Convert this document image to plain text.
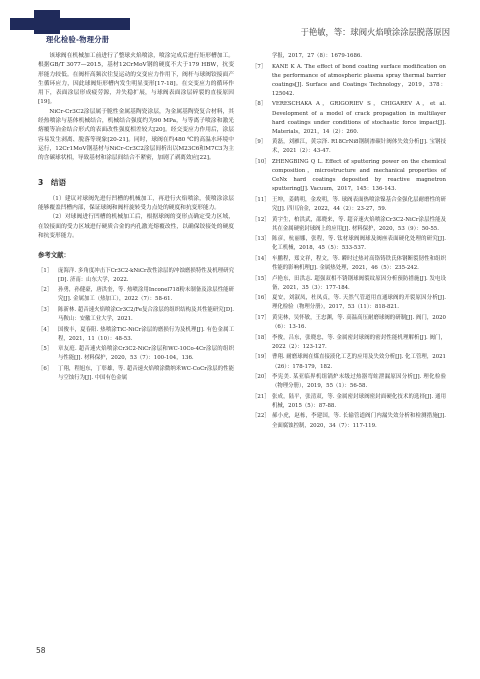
理化检验-物理分册
于艳敏，等：球阀火焰喷涂涂层脱落原因

该球阀在机械加工前进行了整球火焰喷涂，喷涂完成后进行矩形槽加工。根据GB/T 3077—2015，基材12CrMoV钢的硬度不大于179 HBW，抗变形能力较低。在阀杆高频次往复运动的交变应力作用下，阀杆与球阀铰接面产生循环应力，因此球阀矩形槽内发生明显变形[17-18]。在交变应力的循环作用下，表面涂层形成疲劳源，并失稳扩展，与球阀表面涂层碎裂的直接原因[19]。

NiCr-Cr3C2涂层属于脆性金属基陶瓷涂层，为金属基陶瓷复合材料，其经热喷涂与基体机械结合，机械结合强度约为90 MPa，与等离子喷涂和激光熔覆等冶金结合形式的表面改性强度相差较大[20]。经交变应力作用后，涂层容易发生剥离、脱落等现象[20-21]。同时，球阀在约480 ℃的高温水环境中运行，12Cr1MoV钢基材与NiCr-Cr3C2涂层间析出以M23C6和M7C3为主的含碳球状相，导致基材和涂层间结合不紧密，加剧了剥离效应[22]。

3　结语

（1）建议对球阀先进行凹槽的机械加工，再进行火焰喷涂，使喷涂涂层能够覆盖凹槽内部，保证球阀和阀杆旋转受力点处的硬度和抗变形能力。

（2）对球阀进行凹槽的机械加工后，根据球阀的变形点确定受力区域，在铰接面的受力区域进行硬质合金的内孔激光熔覆改性，以确保铰接处的硬度和抗变形能力。

参考文献：
［1］	庞海洋. 多角度冲击下Cr3C2-kNiCr改性涂层的冲蚀磨损特性及机理研究[D]. 济南：山东大学，2022.
［2］	孙勇，孙健豪，唐洪奎，等. 热喷涂用Inconel718粉末制备及涂层性能研究[J]. 金属加工（热加工），2022（7）：58-61.
［3］	陈新林. 超音速火焰喷涂Cr3C2/Fe复合涂层的组织结构及其性能研究[D]. 马鞍山：安徽工业大学，2021.
［4］	国俊丰，夏春阳. 热喷涂TiC-NiCr涂层的磨损行为及机理[J]. 有色金属工程，2021，11（10）：48-53.
［5］	章友庭. 超音速火焰喷涂Cr3C2-NiCr涂层和WC-10Co-4Cr涂层的组织与性能[J]. 材料保护，2020，53（7）：100-104，136.
［6］	丁翔，程旭东，丁彰雄，等. 超音速火焰喷涂微纳米WC-CoCr涂层的性能与空蚀行为[J]. 中国有色金属
学报，2017，27（8）：1679-1686.
［7］	KANE K A. The effect of bond coating surface modification on the performance of atmospheric plasma spray thermal barrier coatings[J]. Surface and Coatings Technology，2019，378：125042.
［8］	VERESCHAKA A，GRIGORIEV S，CHIGAREV A，et al. Development of a model of crack propagation in multilayer hard coatings under conditions of stochastic force impact[J]. Materials，2021，14（2）：260.
［9］	黄磊，刘雁江，黄宗泽. R18CrNi8钢制渗碳针阀体失效分析[J]. 宝钢技术，2021（2）：43-47.
［10］ ZHENGBING Q L. Effect of sputtering power on the chemical composition，microstructure and mechanical properties of CeNx hard coatings deposited by reactive magnetron sputtering[J]. Vacuum，2017，145：136-143.
［11］ 王坤，姜鹤明，金攻明，等. 球阀表面热喷涂镍基合金强化层耐磨性的研究[J]. 四川冶金，2022，44（2）：23-27，59.
［12］ 黄宇生，柏洪武，邵晓来，等. 超音速火焰喷涂Cr3C2-NiCr涂层性能及其在金属硬密封球阀上的应用[J]. 材料保护，2020，53（9）：50-55.
［13］ 陈彦，杭丽娜，张程，等. 钛材球阀阀球及阀座表面硬化处理的研究[J]. 化工机械，2018，45（5）：533-537.
［14］ 车鹏程，郑文祥，程文，等. 瞬时过热对高铬铸铁氏体钢断裂韧性和组织性能的影响机理[J]. 金属热处理，2021，46（5）：235-242.
［15］ 卢艳东，田洪志. 超强双相不锈钢球阀裂纹原因分析预防措施[J]. 发电设备，2021，35（3）：177-184.
［16］ 夏安，刘淑凤，杜凤贞，等. 天然气管道用直通球阀的开裂原因分析[J]. 理化检验（物理分册），2017，53（11）：818-821.
［17］ 黄宪林，吴怀敏，王忠渊，等. 高温高压耐磨球阀的研制[J]. 阀门，2020（6）：13-16.
［18］ 李俊，吕东，张晓忠，等. 金属密封球阀的密封性能机理解析[J]. 阀门，2022（2）：123-127.
［19］ 曹翔. 耐磨球阀在煤直接液化工艺的应用及失效分析[J]. 化工管理，2021（26）：178-179，182.
［20］ 李宪美. 某亚临界机组锅炉末级过热器弯蛀泄漏原因分析[J]. 理化检验（物理分册），2019，55（1）：56-58.
［21］ 张成，陆平，张清双，等. 金属密封球阀密封面硬化技术的选择[J]. 通用机械，2015（5）：87-88.
［22］ 郝小虎，赵栋，李建国，等. 长输管道阀门内漏失效分析和检测措施[J]. 全面腐蚀控制，2020，34（7）：117-119.
58
